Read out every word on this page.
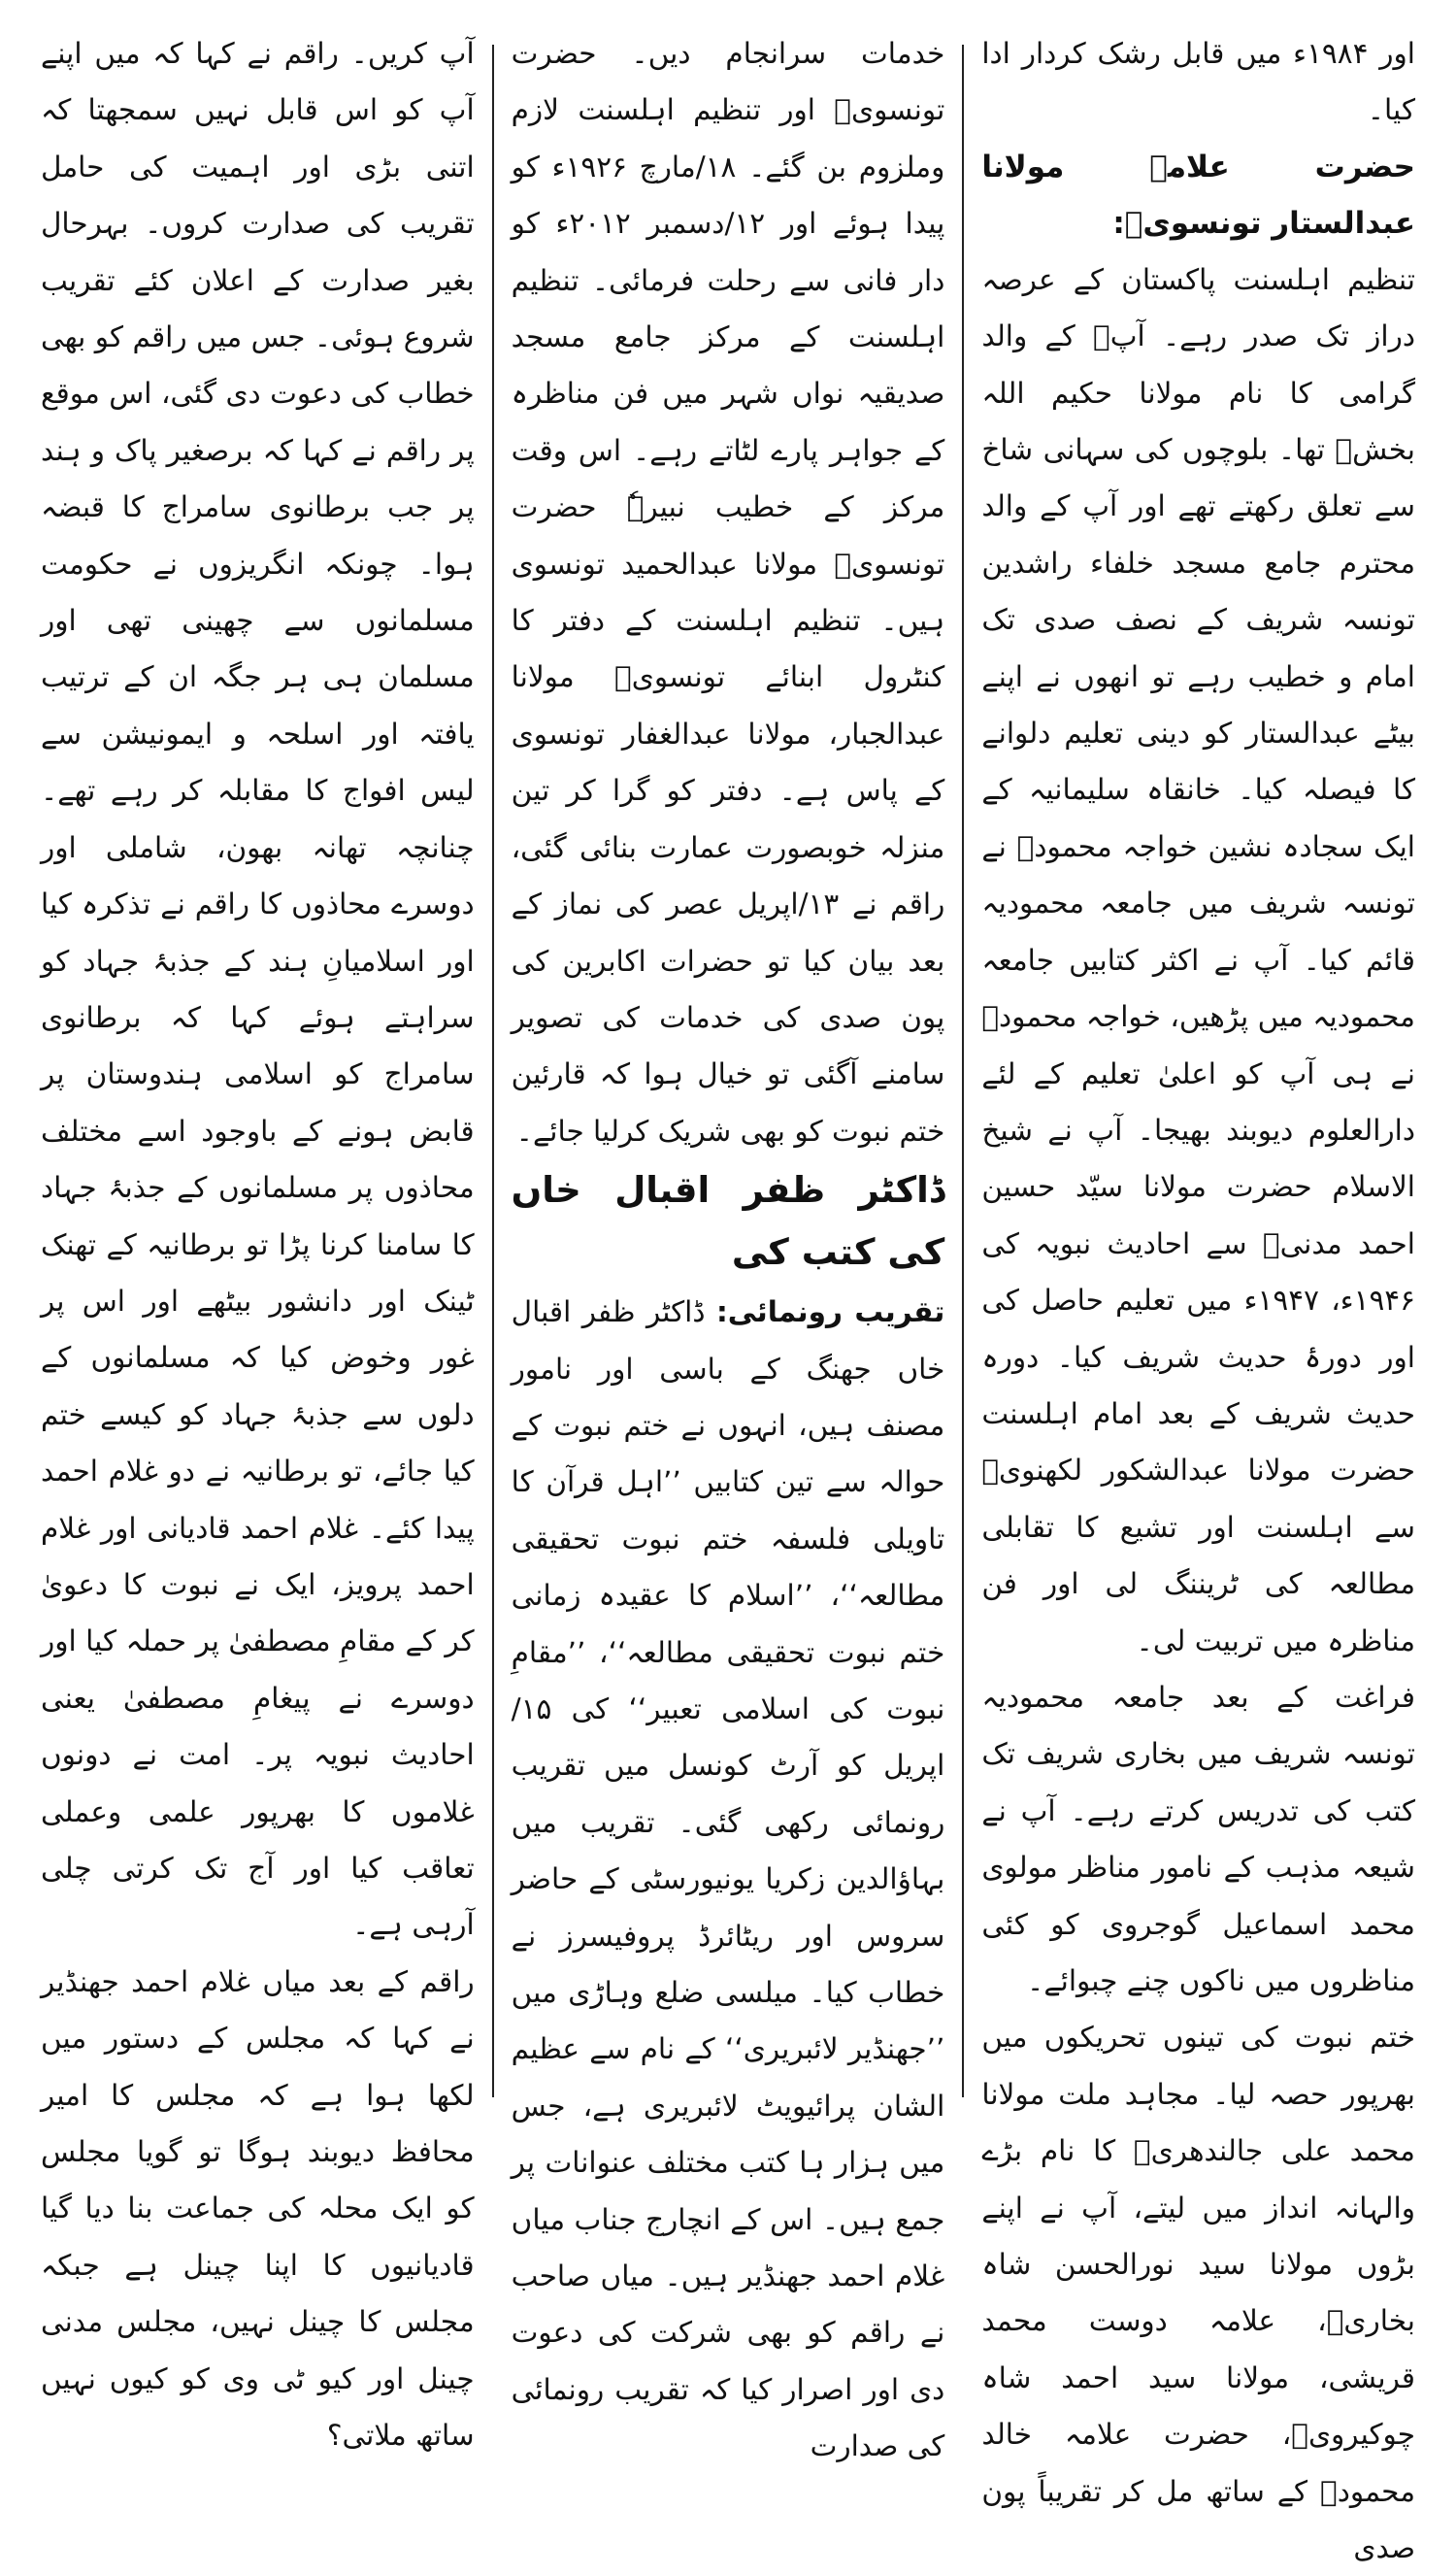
اور ۱۹۸۴ء میں قابل رشک کردار ادا کیا۔

حضرت علامہ مولانا عبدالستار تونسویؒ:

تنظیم اہلسنت پاکستان کے عرصہ دراز تک صدر رہے۔ آپؒ کے والد گرامی کا نام مولانا حکیم اللہ بخشؒ تھا۔ بلوچوں کی سہانی شاخ سے تعلق رکھتے تھے اور آپ کے والد محترم جامع مسجد خلفاء راشدین تونسہ شریف کے نصف صدی تک امام و خطیب رہے تو انھوں نے اپنے بیٹے عبدالستار کو دینی تعلیم دلوانے کا فیصلہ کیا۔ خانقاہ سلیمانیہ کے ایک سجادہ نشین خواجہ محمودؒ نے تونسہ شریف میں جامعہ محمودیہ قائم کیا۔ آپ نے اکثر کتابیں جامعہ محمودیہ میں پڑھیں، خواجہ محمودؒ نے ہی آپ کو اعلیٰ تعلیم کے لئے دارالعلوم دیوبند بھیجا۔ آپ نے شیخ الاسلام حضرت مولانا سیّد حسین احمد مدنیؒ سے احادیث نبویہ کی ۱۹۴۶ء، ۱۹۴۷ء میں تعلیم حاصل کی اور دورۂ حدیث شریف کیا۔ دورہ حدیث شریف کے بعد امام اہلسنت حضرت مولانا عبدالشکور لکھنویؒ سے اہلسنت اور تشیع کا تقابلی مطالعہ کی ٹریننگ لی اور فن مناظرہ میں تربیت لی۔

فراغت کے بعد جامعہ محمودیہ تونسہ شریف میں بخاری شریف تک کتب کی تدریس کرتے رہے۔ آپ نے شیعہ مذہب کے نامور مناظر مولوی محمد اسماعیل گوجروی کو کئی مناظروں میں ناکوں چنے چبوائے۔

ختم نبوت کی تینوں تحریکوں میں بھرپور حصہ لیا۔ مجاہد ملت مولانا محمد علی جالندھریؒ کا نام بڑے والہانہ انداز میں لیتے، آپ نے اپنے بڑوں مولانا سید نورالحسن شاہ بخاریؒ، علامہ دوست محمد قریشی، مولانا سید احمد شاہ چوکیرویؒ، حضرت علامہ خالد محمودؒ کے ساتھ مل کر تقریباً پون صدی

خدمات سرانجام دیں۔ حضرت تونسویؒ اور تنظیم اہلسنت لازم وملزوم بن گئے۔ ۱۸/مارچ ۱۹۲۶ء کو پیدا ہوئے اور ۱۲/دسمبر ۲۰۱۲ء کو دار فانی سے رحلت فرمائی۔ تنظیم اہلسنت کے مرکز جامع مسجد صدیقیہ نواں شہر میں فن مناظرہ کے جواہر پارے لٹاتے رہے۔ اس وقت مرکز کے خطیب نبیرہٗ حضرت تونسویؒ مولانا عبدالحمید تونسوی ہیں۔ تنظیم اہلسنت کے دفتر کا کنٹرول ابنائے تونسویؒ مولانا عبدالجبار، مولانا عبدالغفار تونسوی کے پاس ہے۔ دفتر کو گرا کر تین منزلہ خوبصورت عمارت بنائی گئی، راقم نے ۱۳/اپریل عصر کی نماز کے بعد بیان کیا تو حضرات اکابرین کی پون صدی کی خدمات کی تصویر سامنے آگئی تو خیال ہوا کہ قارئین ختم نبوت کو بھی شریک کرلیا جائے۔

ڈاکٹر ظفر اقبال خاں کی کتب کی

تقریب رونمائی: ڈاکٹر ظفر اقبال خاں جھنگ کے باسی اور نامور مصنف ہیں، انہوں نے ختم نبوت کے حوالہ سے تین کتابیں ’’اہل قرآن کا تاویلی فلسفہ ختم نبوت تحقیقی مطالعہ‘‘، ’’اسلام کا عقیدہ زمانی ختم نبوت تحقیقی مطالعہ‘‘، ’’مقامِ نبوت کی اسلامی تعبیر‘‘ کی ۱۵/اپریل کو آرٹ کونسل میں تقریب رونمائی رکھی گئی۔ تقریب میں بہاؤالدین زکریا یونیورسٹی کے حاضر سروس اور ریٹائرڈ پروفیسرز نے خطاب کیا۔ میلسی ضلع وہاڑی میں ’’جھنڈیر لائبریری‘‘ کے نام سے عظیم الشان پرائیویٹ لائبریری ہے، جس میں ہزار ہا کتب مختلف عنوانات پر جمع ہیں۔ اس کے انچارج جناب میاں غلام احمد جھنڈیر ہیں۔ میاں صاحب نے راقم کو بھی شرکت کی دعوت دی اور اصرار کیا کہ تقریب رونمائی کی صدارت

آپ کریں۔ راقم نے کہا کہ میں اپنے آپ کو اس قابل نہیں سمجھتا کہ اتنی بڑی اور اہمیت کی حامل تقریب کی صدارت کروں۔ بہرحال بغیر صدارت کے اعلان کئے تقریب شروع ہوئی۔ جس میں راقم کو بھی خطاب کی دعوت دی گئی، اس موقع پر راقم نے کہا کہ برصغیر پاک و ہند پر جب برطانوی سامراج کا قبضہ ہوا۔ چونکہ انگریزوں نے حکومت مسلمانوں سے چھینی تھی اور مسلمان ہی ہر جگہ ان کے ترتیب یافتہ اور اسلحہ و ایمونیشن سے لیس افواج کا مقابلہ کر رہے تھے۔ چنانچہ تھانہ بھون، شاملی اور دوسرے محاذوں کا راقم نے تذکرہ کیا اور اسلامیانِ ہند کے جذبۂ جہاد کو سراہتے ہوئے کہا کہ برطانوی سامراج کو اسلامی ہندوستان پر قابض ہونے کے باوجود اسے مختلف محاذوں پر مسلمانوں کے جذبۂ جہاد کا سامنا کرنا پڑا تو برطانیہ کے تھنک ٹینک اور دانشور بیٹھے اور اس پر غور وخوض کیا کہ مسلمانوں کے دلوں سے جذبۂ جہاد کو کیسے ختم کیا جائے، تو برطانیہ نے دو غلام احمد پیدا کئے۔ غلام احمد قادیانی اور غلام احمد پرویز، ایک نے نبوت کا دعویٰ کر کے مقامِ مصطفیٰ پر حملہ کیا اور دوسرے نے پیغامِ مصطفیٰ یعنی احادیث نبویہ پر۔ امت نے دونوں غلاموں کا بھرپور علمی وعملی تعاقب کیا اور آج تک کرتی چلی آرہی ہے۔

راقم کے بعد میاں غلام احمد جھنڈیر نے کہا کہ مجلس کے دستور میں لکھا ہوا ہے کہ مجلس کا امیر محافظ دیوبند ہوگا تو گویا مجلس کو ایک محلہ کی جماعت بنا دیا گیا قادیانیوں کا اپنا چینل ہے جبکہ مجلس کا چینل نہیں، مجلس مدنی چینل اور کیو ٹی وی کو کیوں نہیں ساتھ ملاتی؟
